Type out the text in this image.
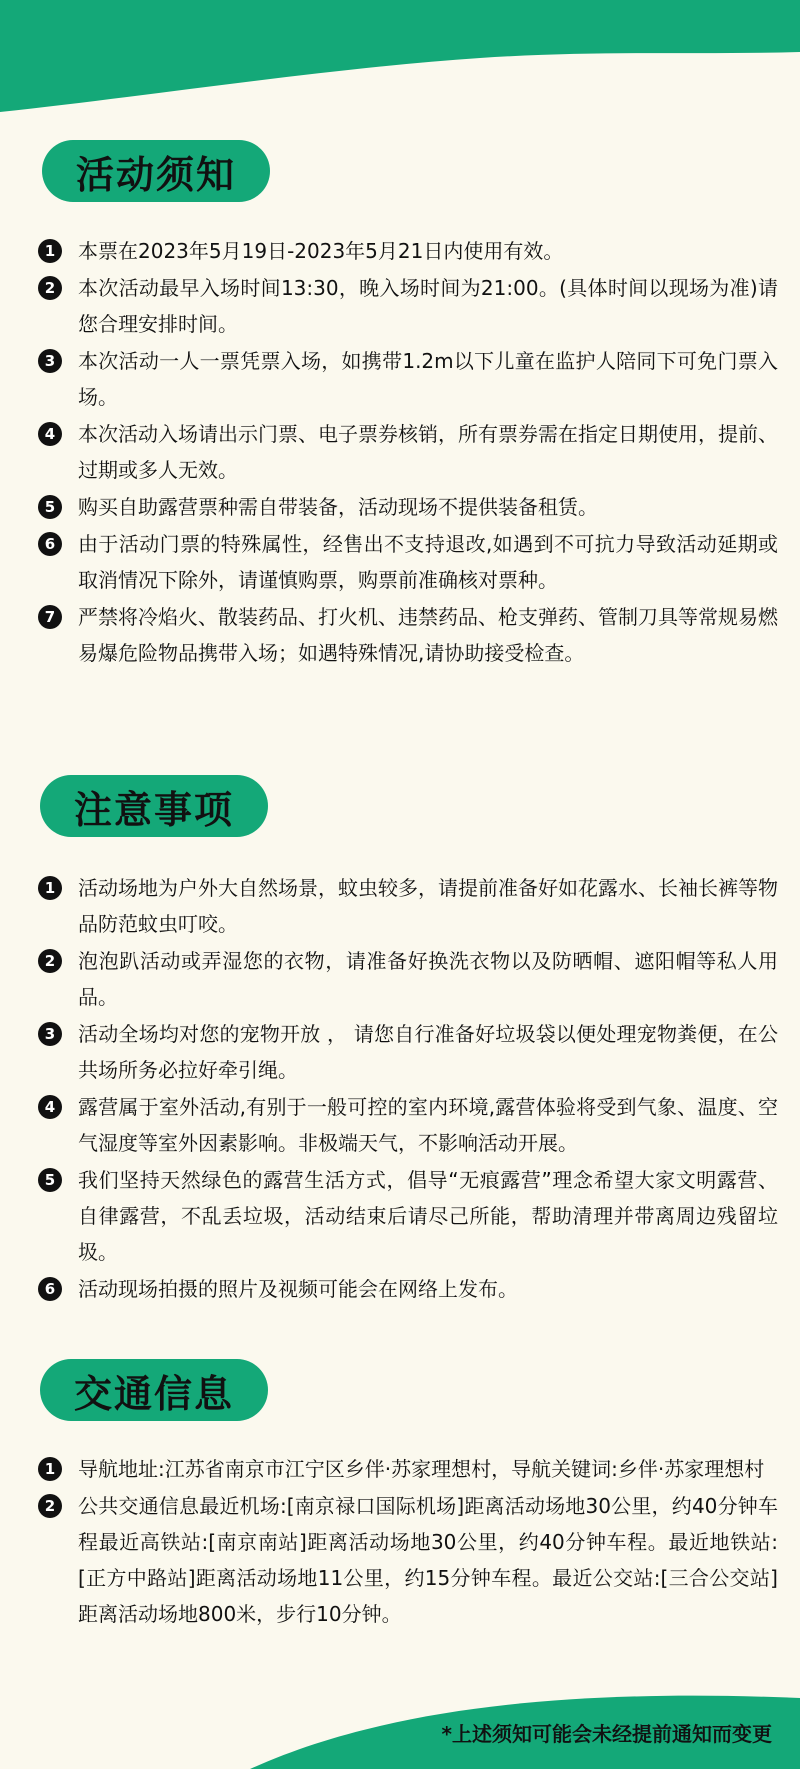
活动须知
1	本票在2023年5月19日-2023年5月21日内使用有效。
2	本次活动最早入场时间13:30，晚入场时间为21:00。(具体时间以现场为准)请您合理安排时间。
3	本次活动一人一票凭票入场，如携带1.2m以下儿童在监护人陪同下可免门票入场。
4	本次活动入场请出示门票、电子票券核销，所有票券需在指定日期使用，提前、过期或多人无效。
5	购买自助露营票种需自带装备，活动现场不提供装备租赁。
6	由于活动门票的特殊属性，经售出不支持退改,如遇到不可抗力导致活动延期或取消情况下除外，请谨慎购票，购票前准确核对票种。
7	严禁将冷焰火、散装药品、打火机、违禁药品、枪支弹药、管制刀具等常规易燃易爆危险物品携带入场；如遇特殊情况,请协助接受检查。
注意事项
1	活动场地为户外大自然场景，蚊虫较多，请提前准备好如花露水、长袖长裤等物品防范蚊虫叮咬。
2	泡泡趴活动或弄湿您的衣物，请准备好换洗衣物以及防晒帽、遮阳帽等私人用品。
3	活动全场均对您的宠物开放 ， 请您自行准备好垃圾袋以便处理宠物粪便，在公共场所务必拉好牵引绳。
4	露营属于室外活动,有别于一般可控的室内环境,露营体验将受到气象、温度、空气湿度等室外因素影响。非极端天气，不影响活动开展。
5	我们坚持天然绿色的露营生活方式，倡导“无痕露营”理念希望大家文明露营、自律露营，不乱丢垃圾，活动结束后请尽己所能，帮助清理并带离周边残留垃圾。
6	活动现场拍摄的照片及视频可能会在网络上发布。
交通信息
1	导航地址:江苏省南京市江宁区乡伴·苏家理想村，导航关键词:乡伴·苏家理想村
2	公共交通信息最近机场:[南京禄口国际机场]距离活动场地30公里，约40分钟车程最近高铁站:[南京南站]距离活动场地30公里，约40分钟车程。最近地铁站:[正方中路站]距离活动场地11公里，约15分钟车程。最近公交站:[三合公交站]距离活动场地800米，步行10分钟。
*上述须知可能会未经提前通知而变更
